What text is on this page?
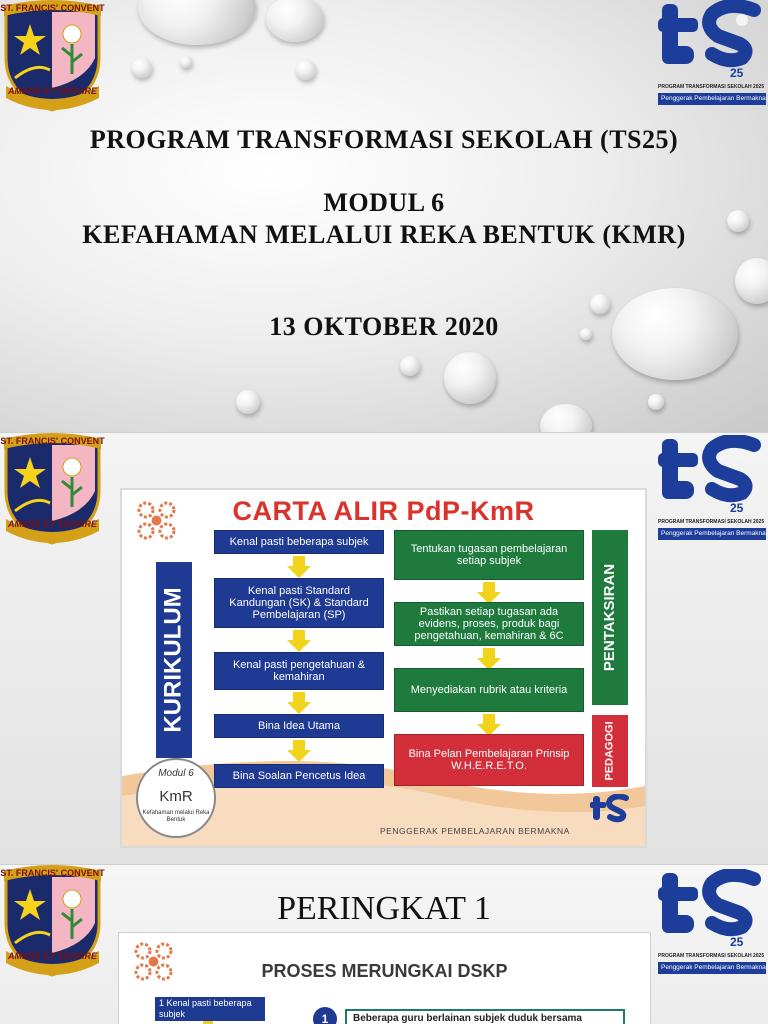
ST. FRANCIS' CONVENT
AMARE ET SERVIRE
25
PROGRAM TRANSFORMASI SEKOLAH 2025
Penggerak Pembelajaran Bermakna
PROGRAM TRANSFORMASI SEKOLAH (TS25)
MODUL 6
KEFAHAMAN MELALUI REKA BENTUK (KMR)
13 OKTOBER 2020
ST. FRANCIS' CONVENT
AMARE ET SERVIRE
25
PROGRAM TRANSFORMASI SEKOLAH 2025
Penggerak Pembelajaran Bermakna
CARTA ALIR PdP-KmR
KURIKULUM	PENTAKSIRAN
PEDAGOGI
Kenal pasti beberapa subjek
Kenal pasti Standard Kandungan (SK) & Standard Pembelajaran (SP)
Kenal pasti pengetahuan & kemahiran
Bina Idea Utama
Bina Soalan Pencetus Idea
Tentukan tugasan pembelajaran setiap subjek
Pastikan setiap tugasan ada evidens, proses, produk bagi pengetahuan, kemahiran & 6C
Menyediakan rubrik atau kriteria
Bina Pelan Pembelajaran Prinsip W.H.E.R.E.T.O.
Modul 6
KmR
Kefahaman melalui Reka Bentuk
PENGGERAK PEMBELAJARAN BERMAKNA
ST. FRANCIS' CONVENT
AMARE ET SERVIRE
25
PROGRAM TRANSFORMASI SEKOLAH 2025
Penggerak Pembelajaran Bermakna
PERINGKAT 1
PROSES MERUNGKAI DSKP
1 Kenal pasti beberapa subjek	1	Beberapa guru berlainan subjek duduk bersama
